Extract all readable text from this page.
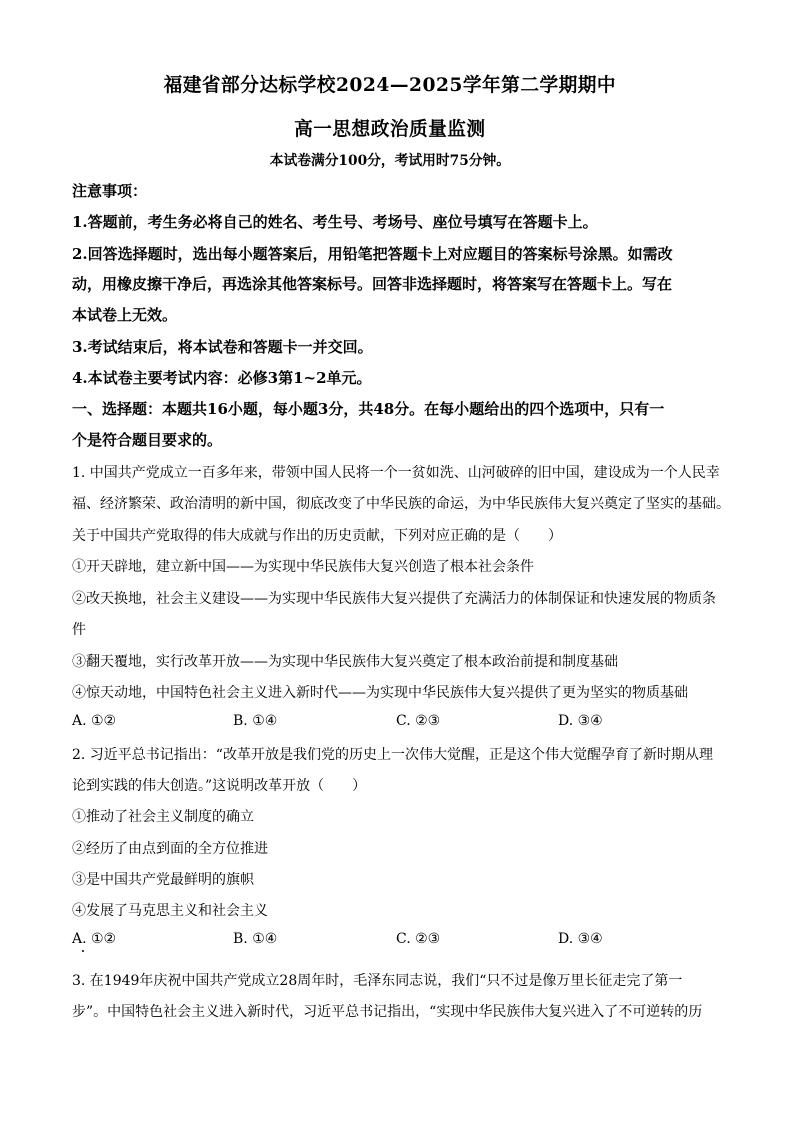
福建省部分达标学校2024—2025学年第二学期期中
高一思想政治质量监测
本试卷满分100分，考试用时75分钟。
注意事项：
1.答题前，考生务必将自己的姓名、考生号、考场号、座位号填写在答题卡上。
2.回答选择题时，选出每小题答案后，用铅笔把答题卡上对应题目的答案标号涂黑。如需改
动，用橡皮擦干净后，再选涂其他答案标号。回答非选择题时，将答案写在答题卡上。写在
本试卷上无效。
3.考试结束后，将本试卷和答题卡一并交回。
4.本试卷主要考试内容：必修3第1~2单元。
一、选择题：本题共16小题，每小题3分，共48分。在每小题给出的四个选项中，只有一
个是符合题目要求的。
1. 中国共产党成立一百多年来，带领中国人民将一个一贫如洗、山河破碎的旧中国，建设成为一个人民幸
福、经济繁荣、政治清明的新中国，彻底改变了中华民族的命运，为中华民族伟大复兴奠定了坚实的基础。
关于中国共产党取得的伟大成就与作出的历史贡献，下列对应正确的是（　　）
①开天辟地，建立新中国——为实现中华民族伟大复兴创造了根本社会条件
②改天换地，社会主义建设——为实现中华民族伟大复兴提供了充满活力的体制保证和快速发展的物质条
件
③翻天覆地，实行改革开放——为实现中华民族伟大复兴奠定了根本政治前提和制度基础
④惊天动地，中国特色社会主义进入新时代——为实现中华民族伟大复兴提供了更为坚实的物质基础
A. ①②	B. ①④	C. ②③	D. ③④
2. 习近平总书记指出：“改革开放是我们党的历史上一次伟大觉醒，正是这个伟大觉醒孕育了新时期从理
论到实践的伟大创造。”这说明改革开放（　　）
①推动了社会主义制度的确立
②经历了由点到面的全方位推进
③是中国共产党最鲜明的旗帜
④发展了马克思主义和社会主义
A. ①②	B. ①④	C. ②③	D. ③④
3. 在1949年庆祝中国共产党成立28周年时，毛泽东同志说，我们“只不过是像万里长征走完了第一
步”。中国特色社会主义进入新时代，习近平总书记指出，“实现中华民族伟大复兴进入了不可逆转的历
